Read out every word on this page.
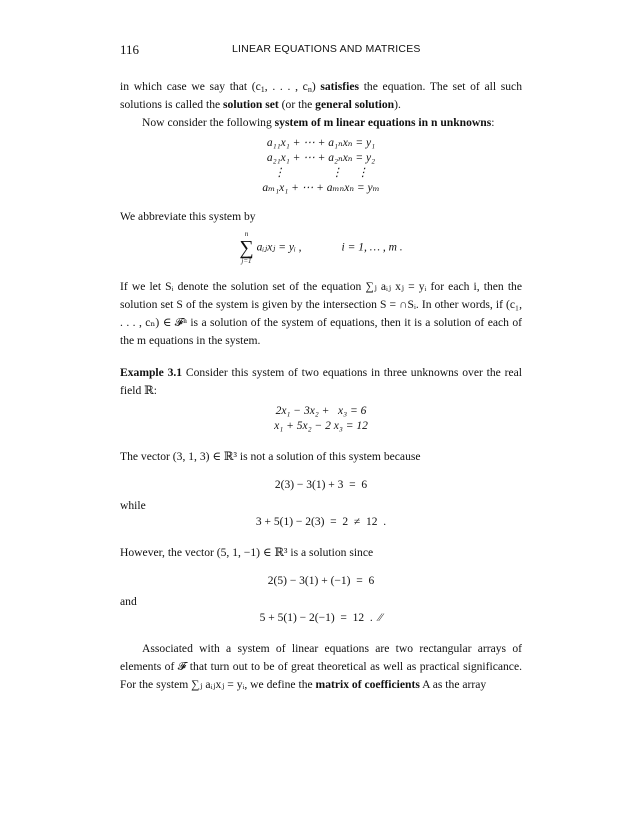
116	LINEAR EQUATIONS AND MATRICES

in which case we say that ($c_1$, . . . , $c_n$) satisfies the equation. The set of all such solutions is called the solution set (or the general solution).

Now consider the following system of m linear equations in n unknowns:

a₁₁x₁ + ⋯ + a₁ₙxₙ = y₁
a₂₁x₁ + ⋯ + a₂ₙxₙ = y₂
⋮                ⋮     ⋮
aₘ₁x₁ + ⋯ + aₘₙxₙ = yₘ

We abbreviate this system by

n
∑
j=1
aᵢⱼxⱼ = yᵢ ,	i = 1, … , m .

If we let Sᵢ denote the solution set of the equation ∑ⱼ aᵢⱼ xⱼ = yᵢ for each i, then the solution set S of the system is given by the intersection S = ∩Sᵢ. In other words, if (c₁, . . . , cₙ) ∈ 𝓕ⁿ is a solution of the system of equations, then it is a solution of each of the m equations in the system.

Example 3.1 Consider this system of two equations in three unknowns over the real field ℝ:

2x₁ − 3x₂ +   x₃ = 6
x₁ + 5x₂ − 2 x₃ = 12

The vector (3, 1, 3) ∈ ℝ³ is not a solution of this system because

2(3) − 3(1) + 3  =  6

while

3 + 5(1) − 2(3)  =  2  ≠  12  .

However, the vector (5, 1, −1) ∈ ℝ³ is a solution since

2(5) − 3(1) + (−1)  =  6

and

5 + 5(1) − 2(−1)  =  12  .  ∕∕

Associated with a system of linear equations are two rectangular arrays of elements of 𝓕 that turn out to be of great theoretical as well as practical significance. For the system ∑ⱼ aᵢⱼxⱼ = yᵢ, we define the matrix of coefficients A as the array
